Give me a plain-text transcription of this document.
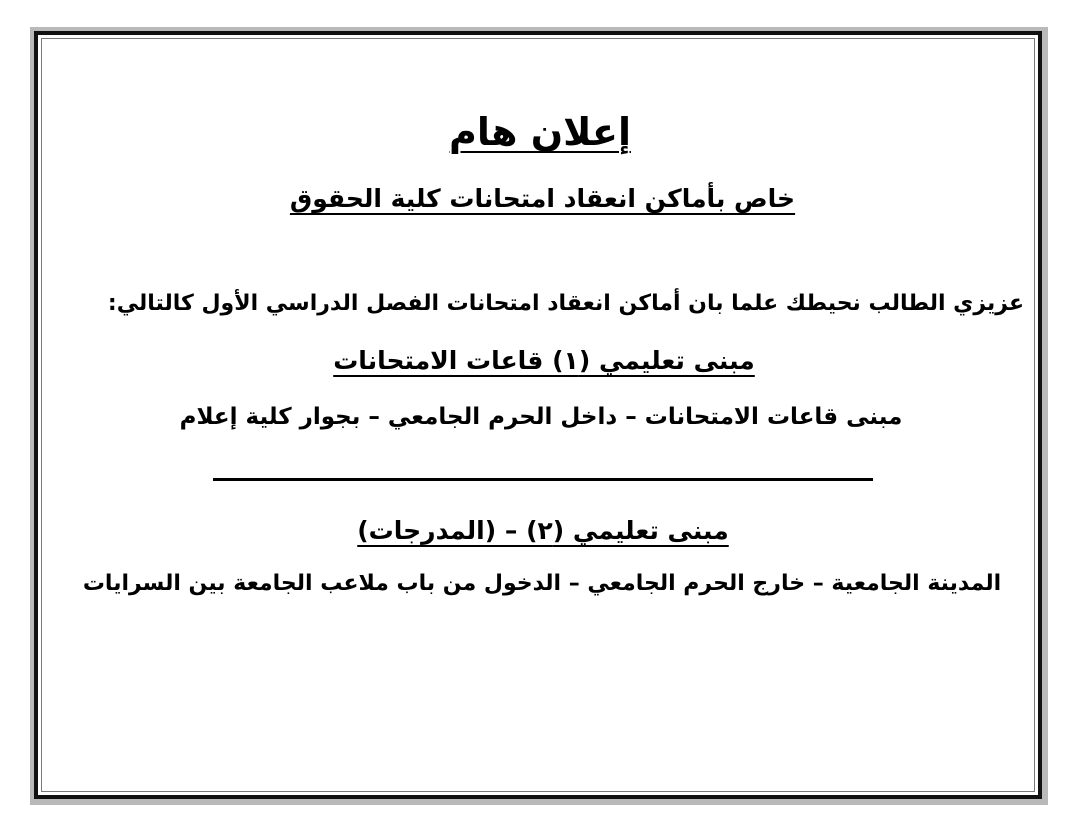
إعلان هام
خاص بأماكن انعقاد امتحانات كلية الحقوق

عزيزي الطالب نحيطك علما بان أماكن انعقاد امتحانات الفصل الدراسي الأول كالتالي:

مبنى تعليمي (١) قاعات الامتحانات

مبنى قاعات الامتحانات – داخل الحرم الجامعي – بجوار كلية إعلام

مبنى تعليمي (٢) – (المدرجات)

المدينة الجامعية – خارج الحرم الجامعي – الدخول من باب ملاعب الجامعة بين السرايات
